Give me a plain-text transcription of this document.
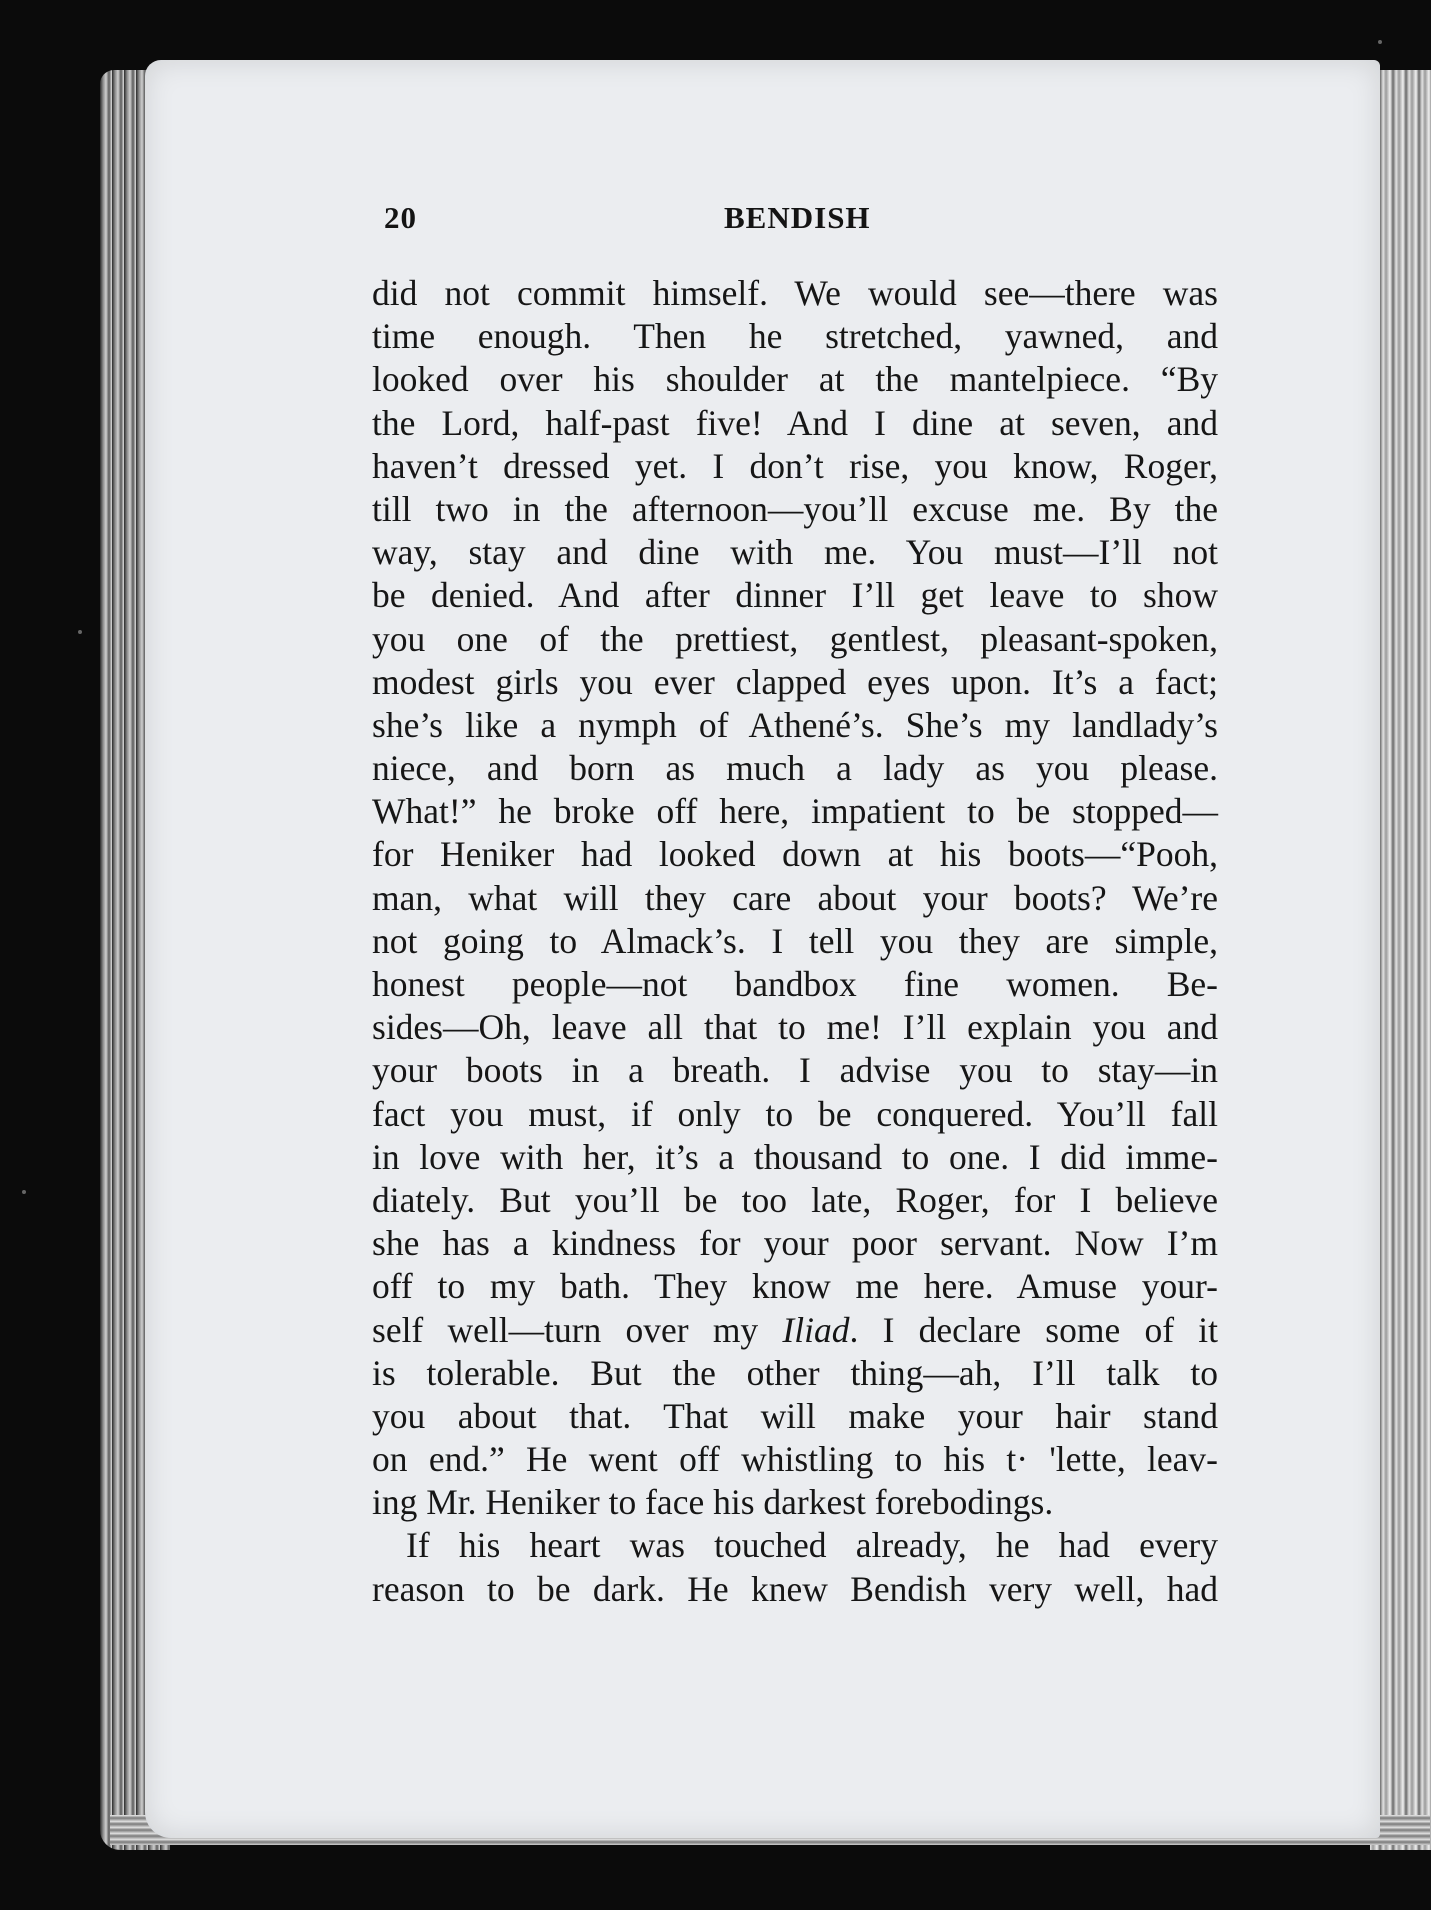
20	BENDISH
did not commit himself. We would see—there was
time enough. Then he stretched, yawned, and
looked over his shoulder at the mantelpiece. “By
the Lord, half-past five! And I dine at seven, and
haven’t dressed yet. I don’t rise, you know, Roger,
till two in the afternoon—you’ll excuse me. By the
way, stay and dine with me. You must—I’ll not
be denied. And after dinner I’ll get leave to show
you one of the prettiest, gentlest, pleasant-spoken,
modest girls you ever clapped eyes upon. It’s a fact;
she’s like a nymph of Athené’s. She’s my landlady’s
niece, and born as much a lady as you please.
What!” he broke off here, impatient to be stopped—
for Heniker had looked down at his boots—“Pooh,
man, what will they care about your boots? We’re
not going to Almack’s. I tell you they are simple,
honest people—not bandbox fine women. Be-
sides—Oh, leave all that to me! I’ll explain you and
your boots in a breath. I advise you to stay—in
fact you must, if only to be conquered. You’ll fall
in love with her, it’s a thousand to one. I did imme-
diately. But you’ll be too late, Roger, for I believe
she has a kindness for your poor servant. Now I’m
off to my bath. They know me here. Amuse your-
self well—turn over my Iliad. I declare some of it
is tolerable. But the other thing—ah, I’ll talk to
you about that. That will make your hair stand
on end.” He went off whistling to his t· 'lette, leav-
ing Mr. Heniker to face his darkest forebodings.
If his heart was touched already, he had every
reason to be dark. He knew Bendish very well, had
